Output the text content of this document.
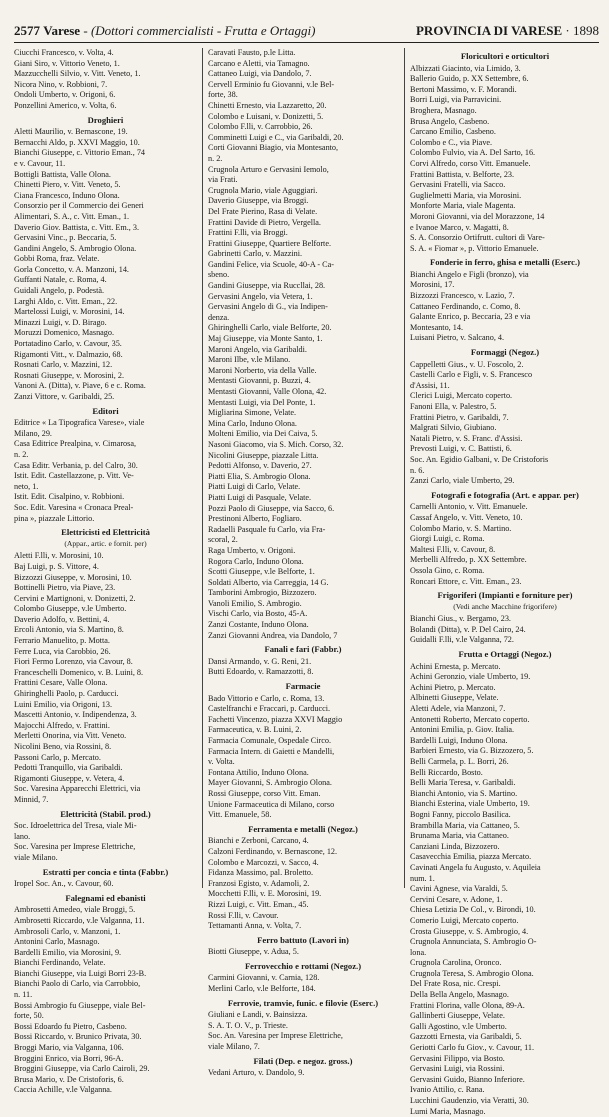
2577 Varese - (Dottori commercialisti - Frutta e Ortaggi)	PROVINCIA DI VARESE · 1898
Ciucchi Francesco, v. Volta, 4.
Giani Siro, v. Vittorio Veneto, 1.
Mazzucchelli Silvio, v. Vitt. Veneto, 1.
Nicora Nino, v. Robbioni, 7.
Ondoli Umberto, v. Origoni, 6.
Ponzellini Americo, v. Volta, 6.
Droghieri
Aletti Maurilio, v. Bernascone, 19.
Bernacchi Aldo, p. XXVI Maggio, 10.
Bianchi Giuseppe, c. Vittorio Eman., 74
e v. Cavour, 11.
Bottigli Battista, Valle Olona.
Chinetti Piero, v. Vitt. Veneto, 5.
Ciana Francesco, Induno Olona.
Consorzio per il Commercio dei Generi
Alimentari, S. A., c. Vitt. Eman., 1.
Daverio Giov. Battista, c. Vitt. Em., 3.
Gervasini Vinc., p. Beccaria, 5.
Gandini Angelo, S. Ambrogio Olona.
Gobbi Roma, fraz. Velate.
Gorla Concetto, v. A. Manzoni, 14.
Guffanti Natale, c. Roma, 4.
Guidali Angelo, p. Podestà.
Larghi Aldo, c. Vitt. Eman., 22.
Martelossi Luigi, v. Morosini, 14.
Minazzi Luigi, v. D. Birago.
Moruzzi Domenico, Masnago.
Portatadino Carlo, v. Cavour, 35.
Rigamonti Vitt., v. Dalmazio, 68.
Rosnati Carlo, v. Mazzini, 12.
Rosnati Giuseppe, v. Morosini, 2.
Vanoni A. (Ditta), v. Piave, 6 e c. Roma.
Zanzi Vittore, v. Garibaldi, 25.
Editori
Editrice « La Tipografica Varese», viale
Milano, 29.
Casa Editrice Prealpina, v. Cimarosa,
n. 2.
Casa Editr. Verbania, p. del Calro, 30.
Istit. Edit. Castellazzone, p. Vitt. Ve-
neto, 1.
Istit. Edit. Cisalpino, v. Robbioni.
Soc. Edit. Varesina « Cronaca Preal-
pina », piazzale Littorio.
Elettricisti ed Elettricità
(Appar., artic. e fornit. per)
Aletti F.lli, v. Morosini, 10.
Baj Luigi, p. S. Vittore, 4.
Bizzozzi Giuseppe, v. Morosini, 10.
Bottinelli Pietro, via Piave, 23.
Cervini e Martignoni, v. Donizetti, 2.
Colombo Giuseppe, v.le Umberto.
Daverio Adolfo, v. Bettini, 4.
Ercoli Antonio, via S. Martino, 8.
Ferrario Manuelito, p. Motta.
Ferre Luca, via Carobbio, 26.
Fiori Fermo Lorenzo, via Cavour, 8.
Franceschelli Domenico, v. B. Luini, 8.
Frattini Cesare, Valle Olona.
Ghiringhelli Paolo, p. Carducci.
Luini Emilio, via Origoni, 13.
Mascetti Antonio, v. Indipendenza, 3.
Majocchi Alfredo, v. Frattini.
Merletti Onorina, via Vitt. Veneto.
Nicolini Beno, via Rossini, 8.
Passoni Carlo, p. Mercato.
Pedotti Tranquillo, via Garibaldi.
Rigamonti Giuseppe, v. Vetera, 4.
Soc. Varesina Apparecchi Elettrici, via
Minnid, 7.
Elettricità (Stabil. prod.)
Soc. Idroelettrica del Tresa, viale Mi-
lano.
Soc. Varesina per Imprese Elettriche,
viale Milano.
Estratti per concia e tinta (Fabbr.)
Iropel Soc. An., v. Cavour, 60.
Falegnami ed ebanisti
Ambrosetti Amedeo, viale Broggi, 5.
Ambrosetti Riccardo, v.le Valganna, 11.
Ambrosoli Carlo, v. Manzoni, 1.
Antonini Carlo, Masnago.
Bardelli Emilio, via Morosini, 9.
Bianchi Ferdinando, Velate.
Bianchi Giuseppe, via Luigi Borri 23-B.
Bianchi Paolo di Carlo, via Carrobbio,
n. 11.
Bossi Ambrogio fu Giuseppe, viale Bel-
forte, 50.
Bossi Edoardo fu Pietro, Casbeno.
Bossi Riccardo, v. Brunico Privata, 30.
Broggi Mario, via Valganna, 106.
Broggini Enrico, via Borri, 96-A.
Broggini Giuseppe, via Carlo Cairoli, 29.
Brusa Mario, v. De Cristoforis, 6.
Caccia Achille, v.le Valganna.
Caravati Fausto, p.le Litta.
Carcano e Aletti, via Tamagno.
Cattaneo Luigi, via Dandolo, 7.
Cervell Erminio fu Giovanni, v.le Bel-
forte, 38.
Chinetti Ernesto, via Lazzaretto, 20.
Colombo e Luisani, v. Donizetti, 5.
Colombo F.lli, v. Carrobbio, 26.
Comminetti Luigi e C., via Garibaldi, 20.
Corti Giovanni Biagio, via Montesanto,
n. 2.
Crugnola Arturo e Gervasini Iemolo,
via Frati.
Crugnola Mario, viale Aguggiari.
Daverio Giuseppe, via Broggi.
Del Frate Pierino, Rasa di Velate.
Frattini Davide di Pietro, Vergella.
Frattini F.lli, via Broggi.
Frattini Giuseppe, Quartiere Belforte.
Gabrinetti Carlo, v. Mazzini.
Gandini Felice, via Scuole, 40-A - Ca-
sbeno.
Gandini Giuseppe, via Ruccllai, 28.
Gervasini Angelo, via Vetera, 1.
Gervasini Angelo di G., via Indipen-
denza.
Ghiringhelli Carlo, viale Belforte, 20.
Maj Giuseppe, via Monte Santo, 1.
Maroni Angelo, via Garibaldi.
Maroni Ilbe, v.le Milano.
Maroni Norberto, via della Valle.
Mentasti Giovanni, p. Buzzi, 4.
Mentasti Giovanni, Valle Olona, 42.
Mentasti Luigi, via Del Ponte, 1.
Migliarina Simone, Velate.
Mina Carlo, Induno Olona.
Molteni Emilio, via Dei Caiva, 5.
Nasoni Giacomo, via S. Mich. Corso, 32.
Nicolini Giuseppe, piazzale Litta.
Pedotti Alfonso, v. Daverio, 27.
Piatti Elia, S. Ambrogio Olona.
Piatti Luigi di Carlo, Velate.
Piatti Luigi di Pasquale, Velate.
Pozzi Paolo di Giuseppe, via Sacco, 6.
Prestinoni Alberto, Fogliaro.
Radaelli Pasquale fu Carlo, via Fra-
scoral, 2.
Raga Umberto, v. Origoni.
Rogora Carlo, Induno Olona.
Scotti Giuseppe, v.le Belforte, 1.
Soldati Alberto, via Carreggia, 14 G.
Tamborini Ambrogio, Bizzozero.
Vanoli Emilio, S. Ambrogio.
Vischi Carlo, via Bosto, 45-A.
Zanzi Costante, Induno Olona.
Zanzi Giovanni Andrea, via Dandolo, 7
Fanali e fari (Fabbr.)
Dansi Armando, v. G. Reni, 21.
Butti Edoardo, v. Ramazzotti, 8.
Farmacie
Bado Vittorio e Carlo, c. Roma, 13.
Castelfranchi e Fraccari, p. Carducci.
Fachetti Vincenzo, piazza XXVI Maggio
Farmaceutica, v. B. Luini, 2.
Farmacia Comunale, Ospedale Circo.
Farmacia Intern. di Gaietti e Mandelli,
v. Volta.
Fontana Attilio, Induno Olona.
Mayer Giovanni, S. Ambrogio Olona.
Rossi Giuseppe, corso Vitt. Eman.
Unione Farmaceutica di Milano, corso
Vitt. Emanuele, 58.
Ferramenta e metalli (Negoz.)
Bianchi e Zerboni, Carcano, 4.
Calzoni Ferdinando, v. Bernascone, 12.
Colombo e Marcozzi, v. Sacco, 4.
Fidanza Massimo, pal. Broletto.
Franzosi Egisto, v. Adamoli, 2.
Mocchetti F.lli, v. E. Morosini, 19.
Rizzi Luigi, c. Vitt. Eman., 45.
Rossi F.lli, v. Cavour.
Tettamanti Anna, v. Volta, 7.
Ferro battuto (Lavori in)
Biotti Giuseppe, v. Adua, 5.
Ferrovecchio e rottami (Negoz.)
Carmini Giovanni, v. Carnia, 128.
Merlini Carlo, v.le Belforte, 184.
Ferrovie, tramvie, funic. e filovie (Eserc.)
Giuliani e Landi, v. Bainsizza.
S. A. T. O. V., p. Trieste.
Soc. An. Varesina per Imprese Elettriche,
viale Milano, 7.
Filati (Dep. e negoz. gross.)
Vedani Arturo, v. Dandolo, 9.
Floricultori e orticultori
Albizzati Giacinto, via Limido, 3.
Ballerio Guido, p. XX Settembre, 6.
Bertoni Massimo, v. F. Morandi.
Borri Luigi, via Parravicini.
Broghera, Masnago.
Brusa Angelo, Casbeno.
Carcano Emilio, Casbeno.
Colombo e C., via Piave.
Colombo Fulvio, via A. Del Sarto, 16.
Corvi Alfredo, corso Vitt. Emanuele.
Frattini Battista, v. Belforte, 23.
Gervasini Fratelli, via Sacco.
Guglielmetti Maria, via Morosini.
Monforte Maria, viale Magenta.
Moroni Giovanni, via del Morazzone, 14
e Ivanoe Marco, v. Magatti, 8.
S. A. Consorzio Ortifrutt. cultori di Vare-
S. A. « Fiomar », p. Vittorio Emanuele.
Fonderie in ferro, ghisa e metalli (Eserc.)
Bianchi Angelo e Figli (bronzo), via
Morosini, 17.
Bizzozzi Francesco, v. Lazio, 7.
Cattaneo Ferdinando, c. Como, 8.
Galante Enrico, p. Beccaria, 23 e via
Montesanto, 14.
Luisani Pietro, v. Salcano, 4.
Formaggi (Negoz.)
Cappelletti Gius., v. U. Foscolo, 2.
Castelli Carlo e Figli, v. S. Francesco
d'Assisi, 11.
Clerici Luigi, Mercato coperto.
Fanoni Ella, v. Palestro, 5.
Frattini Pietro, v. Garibaldi, 7.
Malgrati Silvio, Giubiano.
Natali Pietro, v. S. Franc. d'Assisi.
Prevosti Luigi, v. C. Battisti, 6.
Soc. An. Egidio Galbani, v. De Cristoforis
n. 6.
Zanzi Carlo, viale Umberto, 29.
Fotografi e fotografia (Art. e appar. per)
Carnelli Antonio, v. Vitt. Emanuele.
Cassaf Angelo, v. Vitt. Veneto, 10.
Colombo Mario, v. S. Martino.
Giorgi Luigi, c. Roma.
Maltesi F.lli, v. Cavour, 8.
Merbelli Alfredo, p. XX Settembre.
Ossola Gino, c. Roma.
Roncari Ettore, c. Vitt. Eman., 23.
Frigoriferi (Impianti e forniture per)
(Vedi anche Macchine frigorifere)
Bianchi Gius., v. Bergamo, 23.
Bolandi (Ditta), v. P. Del Cairo, 24.
Guidalli F.lli, v.le Valganna, 72.
Frutta e Ortaggi (Negoz.)
Achini Ernesta, p. Mercato.
Achini Geronzio, viale Umberto, 19.
Achini Pietro, p. Mercato.
Albinetti Giuseppe, Velate.
Aletti Adele, via Manzoni, 7.
Antonetti Roberto, Mercato coperto.
Antonini Emilia, p. Giov. Italia.
Bardelli Luigi, Induno Olona.
Barbieri Ernesto, via G. Bizzozero, 5.
Belli Carmela, p. L. Borri, 26.
Belli Riccardo, Bosto.
Belli Maria Teresa, v. Garibaldi.
Bianchi Antonio, via S. Martino.
Bianchi Esterina, viale Umberto, 19.
Bogni Fanny, piccolo Basilica.
Brambilla Maria, via Cattaneo, 5.
Brunama Maria, via Cattaneo.
Canziani Linda, Bizzozero.
Casavecchia Emilia, piazza Mercato.
Cavinati Angela fu Augusto, v. Aquileia
num. 1.
Cavini Agnese, via Varaldi, 5.
Cervini Cesare, v. Adone, 1.
Chiesa Letizia De Col., v. Birondi, 10.
Comerio Luigi, Mercato coperto.
Crosta Giuseppe, v. S. Ambrogio, 4.
Crugnola Annunciata, S. Ambrogio O-
lona.
Crugnola Carolina, Oronco.
Crugnola Teresa, S. Ambrogio Olona.
Del Frate Rosa, nic. Crespi.
Della Bella Angelo, Masnago.
Frattini Florina, valle Olona, 89-A.
Gallinberti Giuseppe, Velate.
Galli Agostino, v.le Umberto.
Gazzotti Ernesta, via Garibaldi, 5.
Geriotti Carlo fu Giov., v. Cavour, 11.
Gervasini Filippo, via Bosto.
Gervasini Luigi, via Rossini.
Gervasini Guido, Bianno Inferiore.
Ivanio Attilio, c. Rana.
Lucchini Gaudenzio, via Veratti, 30.
Lumi Maria, Masnago.
